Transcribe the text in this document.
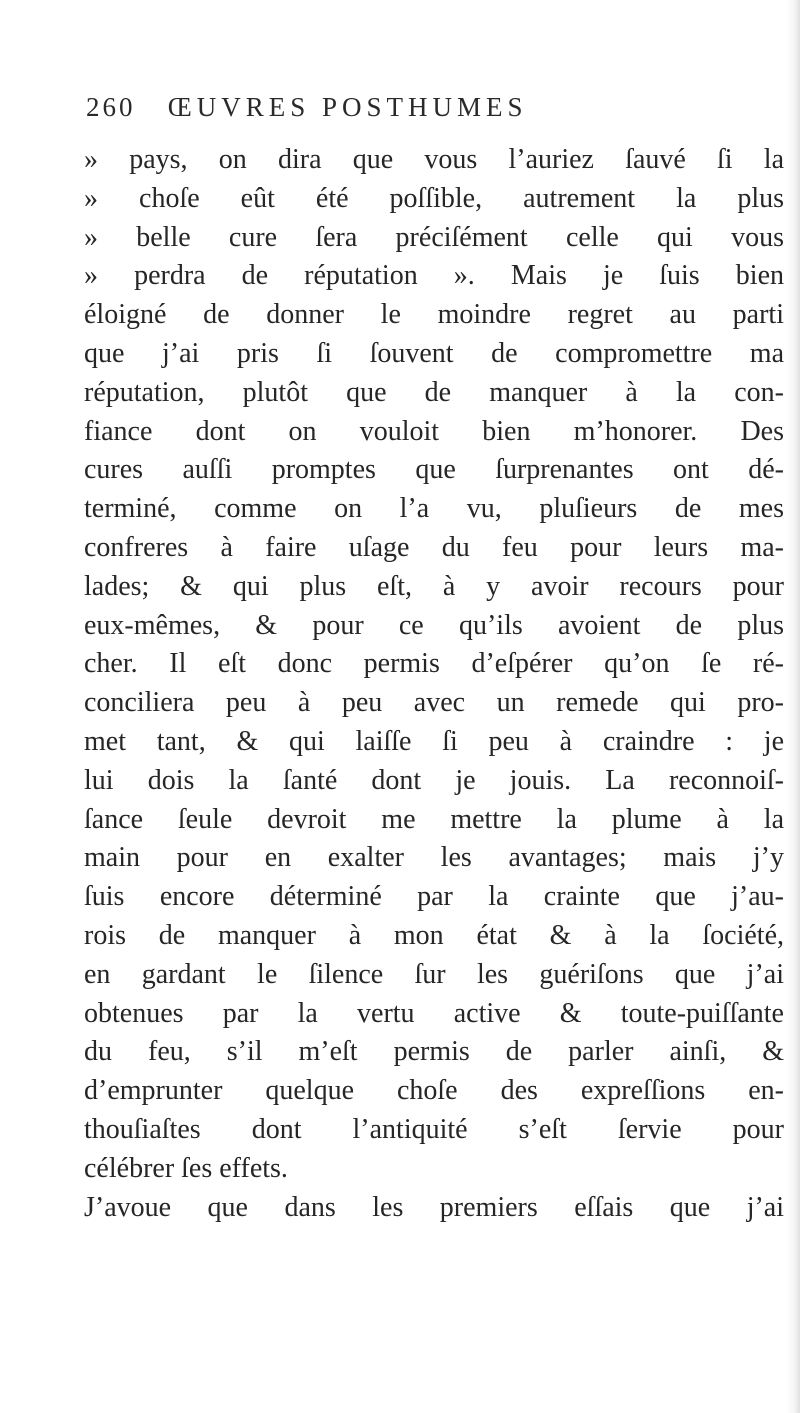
260 ŒUVRES POSTHUMES
» pays, on dira que vous l’auriez ſauvé ſi la
» choſe eût été poſſible, autrement la plus
» belle cure ſera préciſément celle qui vous
» perdra de réputation ». Mais je ſuis bien
éloigné de donner le moindre regret au parti
que j’ai pris ſi ſouvent de compromettre ma
réputation, plutôt que de manquer à la con-
fiance dont on vouloit bien m’honorer. Des
cures auſſi promptes que ſurprenantes ont dé-
terminé, comme on l’a vu, pluſieurs de mes
confreres à faire uſage du feu pour leurs ma-
lades; & qui plus eſt, à y avoir recours pour
eux-mêmes, & pour ce qu’ils avoient de plus
cher. Il eſt donc permis d’eſpérer qu’on ſe ré-
conciliera peu à peu avec un remede qui pro-
met tant, & qui laiſſe ſi peu à craindre : je
lui dois la ſanté dont je jouis. La reconnoiſ-
ſance ſeule devroit me mettre la plume à la
main pour en exalter les avantages; mais j’y
ſuis encore déterminé par la crainte que j’au-
rois de manquer à mon état & à la ſociété,
en gardant le ſilence ſur les guériſons que j’ai
obtenues par la vertu active & toute-puiſſante
du feu, s’il m’eſt permis de parler ainſi, &
d’emprunter quelque choſe des expreſſions en-
thouſiaſtes dont l’antiquité s’eſt ſervie pour
célébrer ſes effets.
J’avoue que dans les premiers eſſais que j’ai
